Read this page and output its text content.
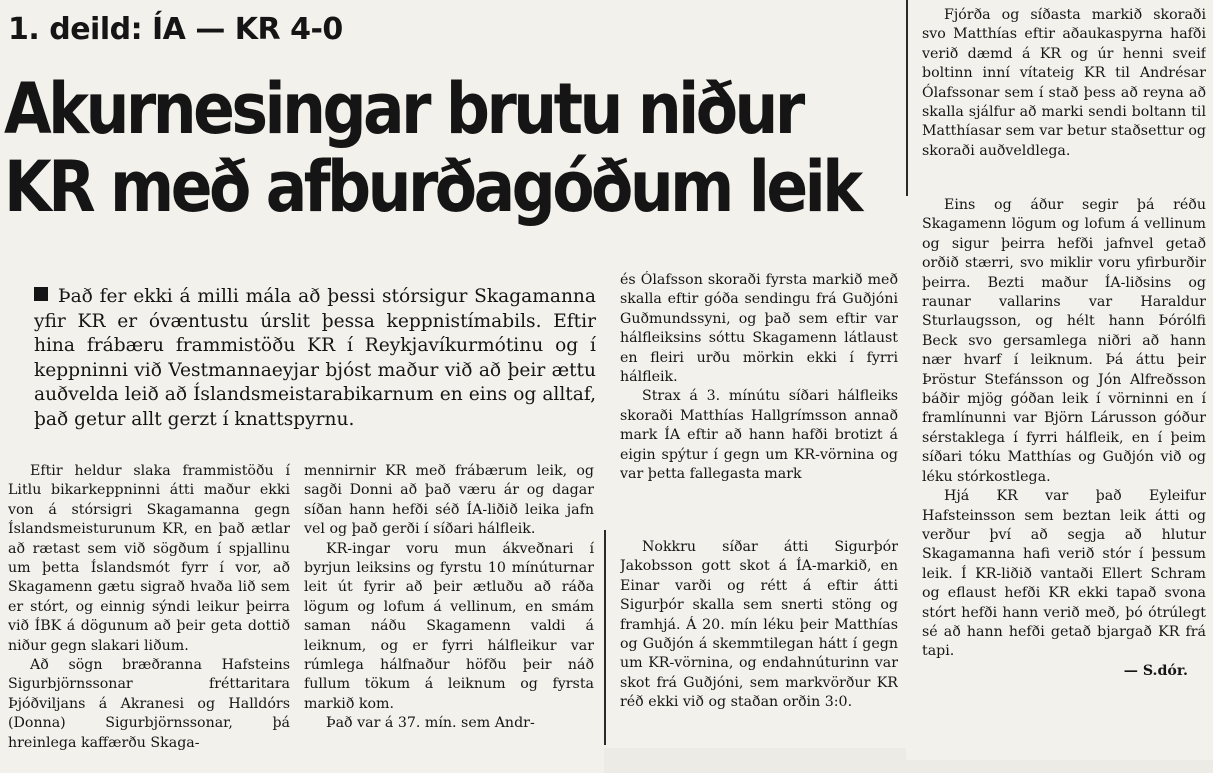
1. deild: ÍA — KR 4-0
Akurnesingar brutu niður
KR með afburðagóðum leik

Það fer ekki á milli mála að þessi stórsigur Skagamanna yfir KR er óvæntustu úrslit þessa keppnistímabils. Eftir hina frábæru frammistöðu KR í Reykjavíkurmótinu og í keppninni við Vestmannaeyjar bjóst maður við að þeir ættu auðvelda leið að Íslandsmeistarabikarnum en eins og alltaf, það getur allt gerzt í knattspyrnu.

Eftir heldur slaka frammistöðu í Litlu bikarkeppninni átti maður ekki von á stórsigri Skagamanna gegn Íslandsmeisturunum KR, en það ætlar að rætast sem við sögðum í spjallinu um þetta Íslandsmót fyrr í vor, að Skagamenn gætu sigrað hvaða lið sem er stórt, og einnig sýndi leikur þeirra við ÍBK á dögunum að þeir geta dottið niður gegn slakari liðum.

Að sögn bræðranna Hafsteins Sigurbjörnssonar fréttaritara Þjóðviljans á Akranesi og Halldórs (Donna) Sigurbjörnssonar, þá hreinlega kaffærðu Skaga-

mennirnir KR með frábærum leik, og sagði Donni að það væru ár og dagar síðan hann hefði séð ÍA-liðið leika jafn vel og það gerði í síðari hálfleik.

KR-ingar voru mun ákveðnari í byrjun leiksins og fyrstu 10 mínúturnar leit út fyrir að þeir ætluðu að ráða lögum og lofum á vellinum, en smám saman náðu Skagamenn valdi á leiknum, og er fyrri hálfleikur var rúmlega hálfnaður höfðu þeir náð fullum tökum á leiknum og fyrsta markið kom.

Það var á 37. mín. sem Andr-

és Ólafsson skoraði fyrsta markið með skalla eftir góða sendingu frá Guðjóni Guðmundssyni, og það sem eftir var hálfleiksins sóttu Skagamenn látlaust en fleiri urðu mörkin ekki í fyrri hálfleik.

Strax á 3. mínútu síðari hálfleiks skoraði Matthías Hallgrímsson annað mark ÍA eftir að hann hafði brotizt á eigin spýtur í gegn um KR-vörnina og var þetta fallegasta mark

Nokkru síðar átti Sigurþór Jakobsson gott skot á ÍA-markið, en Einar varði og rétt á eftir átti Sigurþór skalla sem snerti stöng og framhjá. Á 20. mín léku þeir Matthías og Guðjón á skemmtilegan hátt í gegn um KR-vörnina, og endahnúturinn var skot frá Guðjóni, sem markvörður KR réð ekki við og staðan orðin 3:0.

Fjórða og síðasta markið skoraði svo Matthías eftir aðaukaspyrna hafði verið dæmd á KR og úr henni sveif boltinn inní vítateig KR til Andrésar Ólafssonar sem í stað þess að reyna að skalla sjálfur að marki sendi boltann til Matthíasar sem var betur staðsettur og skoraði auðveldlega.

Eins og áður segir þá réðu Skagamenn lögum og lofum á vellinum og sigur þeirra hefði jafnvel getað orðið stærri, svo miklir voru yfirburðir þeirra. Bezti maður ÍA-liðsins og raunar vallarins var Haraldur Sturlaugsson, og hélt hann Þórólfi Beck svo gersamlega niðri að hann nær hvarf í leiknum. Þá áttu þeir Þröstur Stefánsson og Jón Alfreðsson báðir mjög góðan leik í vörninni en í framlínunni var Björn Lárusson góður sérstaklega í fyrri hálfleik, en í þeim síðari tóku Matthías og Guðjón við og léku stórkostlega.

Hjá KR var það Eyleifur Hafsteinsson sem beztan leik átti og verður því að segja að hlutur Skagamanna hafi verið stór í þessum leik. Í KR-liðið vantaði Ellert Schram og eflaust hefði KR ekki tapað svona stórt hefði hann verið með, þó ótrúlegt sé að hann hefði getað bjargað KR frá tapi.

— S.dór.
